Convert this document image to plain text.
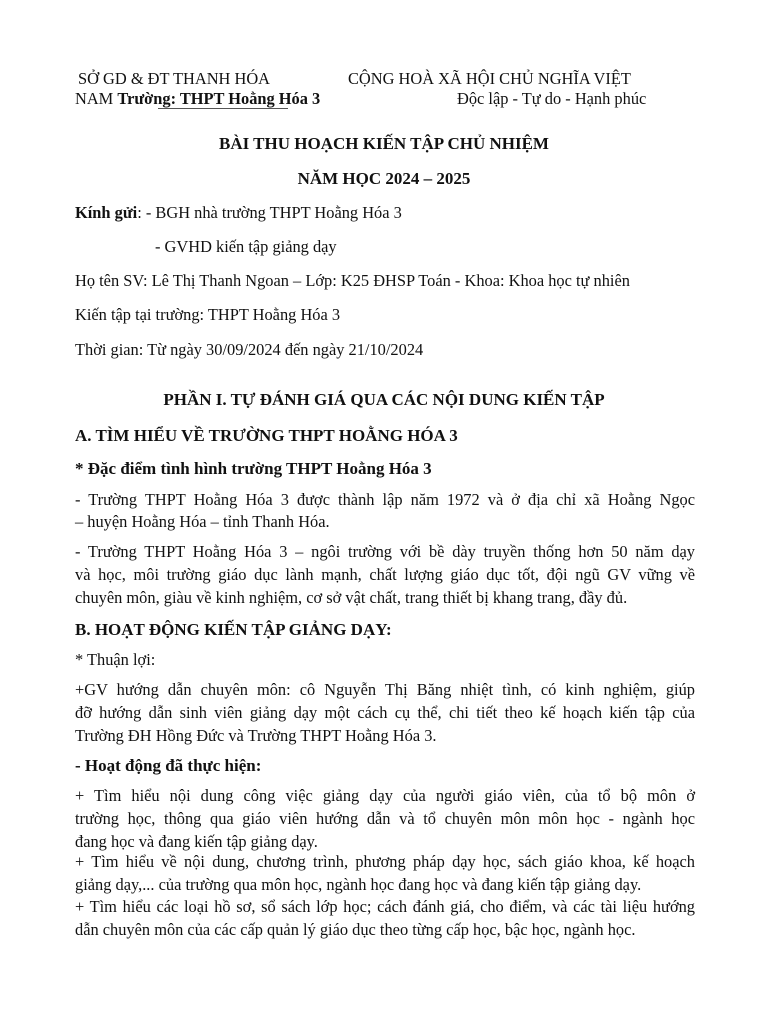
SỞ GD & ĐT THANH HÓA	CỘNG HOÀ XÃ HỘI CHỦ NGHĨA VIỆT
NAM Trường: THPT Hoằng Hóa 3	Độc lập - Tự do - Hạnh phúc
BÀI THU HOẠCH KIẾN TẬP CHỦ NHIỆM
NĂM HỌC 2024 – 2025
Kính gửi: - BGH nhà trường THPT Hoằng Hóa 3
- GVHD kiến tập giảng dạy
Họ tên SV: Lê Thị Thanh Ngoan – Lớp: K25 ĐHSP Toán - Khoa: Khoa học tự nhiên
Kiến tập tại trường: THPT Hoằng Hóa 3
Thời gian: Từ ngày 30/09/2024 đến ngày 21/10/2024
PHẦN I. TỰ ĐÁNH GIÁ QUA CÁC NỘI DUNG KIẾN TẬP
A. TÌM HIỂU VỀ TRƯỜNG THPT HOẰNG HÓA 3
* Đặc điểm tình hình trường THPT Hoằng Hóa 3
- Trường THPT Hoằng Hóa 3 được thành lập năm 1972 và ở địa chỉ xã Hoằng Ngọc
– huyện Hoằng Hóa – tỉnh Thanh Hóa.
- Trường THPT Hoằng Hóa 3 – ngôi trường với bề dày truyền thống hơn 50 năm dạy
và học, môi trường giáo dục lành mạnh, chất lượng giáo dục tốt, đội ngũ GV vững về
chuyên môn, giàu về kinh nghiệm, cơ sở vật chất, trang thiết bị khang trang, đầy đủ.
B. HOẠT ĐỘNG KIẾN TẬP GIẢNG DẠY:
* Thuận lợi:
+GV hướng dẫn chuyên môn: cô Nguyễn Thị Băng nhiệt tình, có kinh nghiệm, giúp
đỡ hướng dẫn sinh viên giảng dạy một cách cụ thể, chi tiết theo kế hoạch kiến tập của
Trường ĐH Hồng Đức và Trường THPT Hoằng Hóa 3.
- Hoạt động đã thực hiện:
+ Tìm hiểu nội dung công việc giảng dạy của người giáo viên, của tổ bộ môn ở
trường học, thông qua giáo viên hướng dẫn và tổ chuyên môn môn học - ngành học
đang học và đang kiến tập giảng dạy.
+ Tìm hiểu về nội dung, chương trình, phương pháp dạy học, sách giáo khoa, kế hoạch
giảng dạy,... của trường qua môn học, ngành học đang học và đang kiến tập giảng dạy.
+ Tìm hiểu các loại hồ sơ, sổ sách lớp học; cách đánh giá, cho điểm, và các tài liệu hướng
dẫn chuyên môn của các cấp quản lý giáo dục theo từng cấp học, bậc học, ngành học.
